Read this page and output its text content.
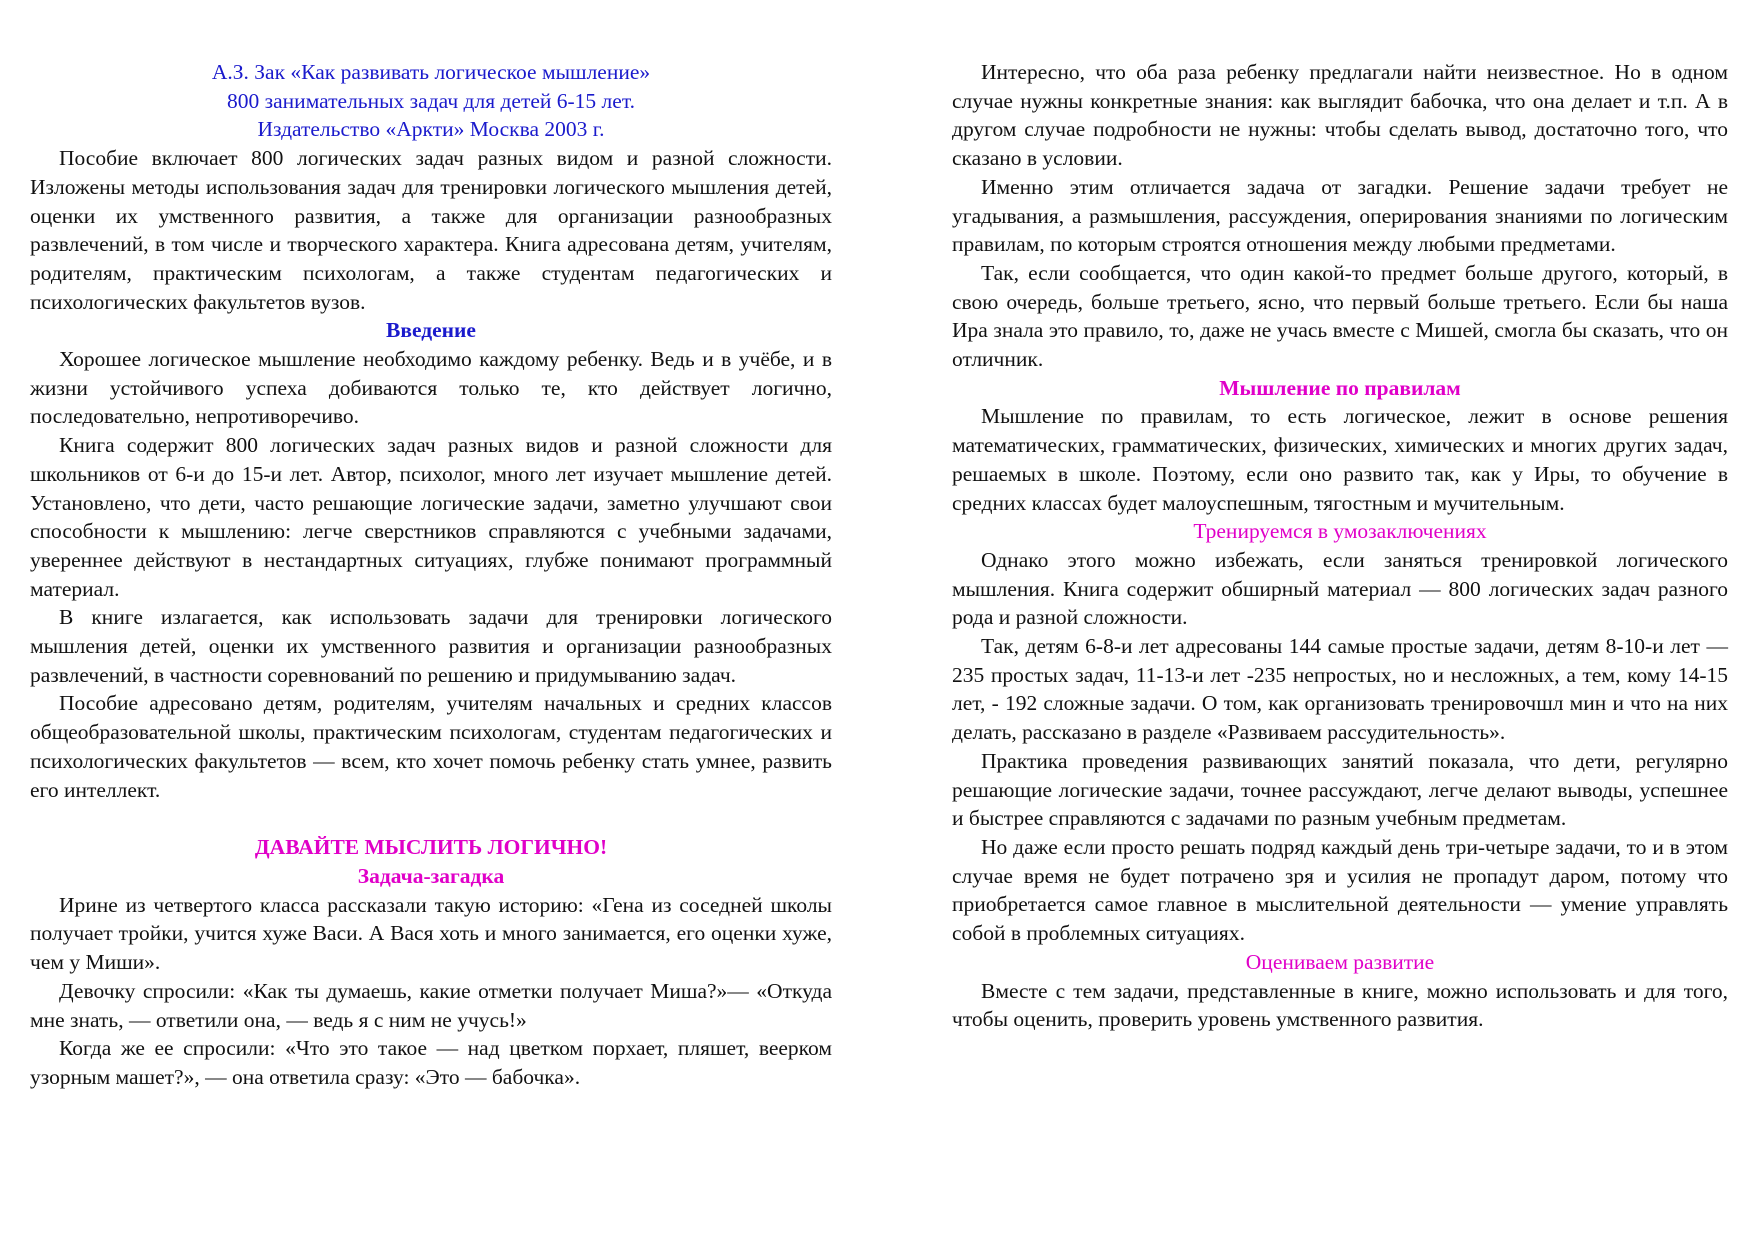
А.З. Зак «Как развивать логическое мышление»
800 занимательных задач для детей 6-15 лет.
Издательство «Аркти» Москва 2003 г.

Пособие включает 800 логических задач разных видом и разной сложности. Изложены методы использования задач для тренировки логического мышления детей, оценки их умственного развития, а также для организации разнообразных развлечений, в том числе и творческого характера. Книга адресована детям, учителям, родителям, практическим психологам, а также студентам педагогических и психологических факультетов вузов.

Введение

Хорошее логическое мышление необходимо каждому ребенку. Ведь и в учёбе, и в жизни устойчивого успеха добиваются только те, кто действует логично, последовательно, непротиворечиво.

Книга содержит 800 логических задач разных видов и разной сложности для школьников от 6-и до 15-и лет. Автор, психолог, много лет изучает мышление детей. Установлено, что дети, часто решающие логические задачи, заметно улучшают свои способности к мышлению: легче сверстников справляются с учебными задачами, увереннее действуют в нестандартных ситуациях, глубже понимают программный материал.

В книге излагается, как использовать задачи для тренировки логического мышления детей, оценки их умственного развития и организации разнообразных развлечений, в частности соревнований по решению и придумыванию задач.

Пособие адресовано детям, родителям, учителям начальных и средних классов общеобразовательной школы, практическим психологам, студентам педагогических и психологических факультетов — всем, кто хочет помочь ребенку стать умнее, развить его интеллект.

ДАВАЙТЕ МЫСЛИТЬ ЛОГИЧНО!
Задача-загадка

Ирине из четвертого класса рассказали такую историю: «Гена из соседней школы получает тройки, учится хуже Васи. А Вася хоть и много занимается, его оценки хуже, чем у Миши».

Девочку спросили: «Как ты думаешь, какие отметки получает Миша?»— «Откуда мне знать, — ответили она, — ведь я с ним не учусь!»

Когда же ее спросили: «Что это такое — над цветком порхает, пляшет, веерком узорным машет?», — она ответила сразу: «Это — бабочка».

Интересно, что оба раза ребенку предлагали найти неизвестное. Но в одном случае нужны конкретные знания: как выглядит бабочка, что она делает и т.п. А в другом случае подробности не нужны: чтобы сделать вывод, достаточно того, что сказано в условии.

Именно этим отличается задача от загадки. Решение задачи требует не угадывания, а размышления, рассуждения, оперирования знаниями по логическим правилам, по которым строятся отношения между любыми предметами.

Так, если сообщается, что один какой-то предмет больше другого, который, в свою очередь, больше третьего, ясно, что первый больше третьего. Если бы наша Ира знала это правило, то, даже не учась вместе с Мишей, смогла бы сказать, что он отличник.

Мышление по правилам

Мышление по правилам, то есть логическое, лежит в основе решения математических, грамматических, физических, химических и многих других задач, решаемых в школе. Поэтому, если оно развито так, как у Иры, то обучение в средних классах будет малоуспешным, тягостным и мучительным.

Тренируемся в умозаключениях

Однако этого можно избежать, если заняться тренировкой логического мышления. Книга содержит обширный материал — 800 логических задач разного рода и разной сложности.

Так, детям 6-8-и лет адресованы 144 самые простые задачи, детям 8-10-и лет — 235 простых задач, 11-13-и лет -235 непростых, но и несложных, а тем, кому 14-15 лет, - 192 сложные задачи. О том, как организовать тренировочшл мин и что на них делать, рассказано в разделе «Развиваем рассудительность».

Практика проведения развивающих занятий показала, что дети, регулярно решающие логические задачи, точнее рассуждают, легче делают выводы, успешнее и быстрее справляются с задачами по разным учебным предметам.

Но даже если просто решать подряд каждый день три-четыре задачи, то и в этом случае время не будет потрачено зря и усилия не пропадут даром, потому что приобретается самое главное в мыслительной деятельности — умение управлять собой в проблемных ситуациях.

Оцениваем развитие

Вместе с тем задачи, представленные в книге, можно использовать и для того, чтобы оценить, проверить уровень умственного развития.
